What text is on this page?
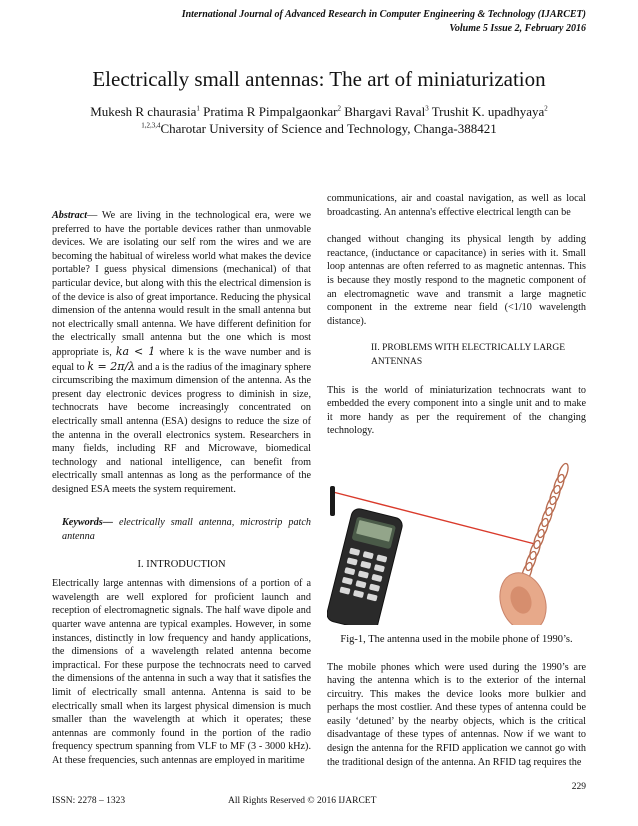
International Journal of Advanced Research in Computer Engineering & Technology (IJARCET)
Volume 5 Issue 2, February 2016
Electrically small antennas: The art of miniaturization
Mukesh R chaurasia$^1$ Pratima R Pimpalgaonkar$^2$ Bhargavi Raval$^3$ Trushit K. upadhyaya$^2$
$^{1,2,3,4}$Charotar University of Science and Technology, Changa-388421

Abstract— We are living in the technological era, were we preferred to have the portable devices rather than unmovable devices. We are isolating our self rom the wires and we are becoming the habitual of wireless world what makes the device portable? I guess physical dimensions (mechanical) of that particular device, but along with this the electrical dimension is of the device is also of great importance. Reducing the physical dimension of the antenna would result in the small antenna but not electrically small antenna. We have different definition for the electrically small antenna but the one which is most appropriate is, ka < 1 where k is the wave number and is equal to k = 2π/λ and a is the radius of the imaginary sphere circumscribing the maximum dimension of the antenna. As the present day electronic devices progress to diminish in size, technocrats have become increasingly concentrated on electrically small antenna (ESA) designs to reduce the size of the antenna in the overall electronics system. Researchers in many fields, including RF and Microwave, biomedical technology and national intelligence, can benefit from electrically small antennas as long as the performance of the designed ESA meets the system requirement.

Keywords— electrically small antenna, microstrip patch antenna

I. INTRODUCTION

Electrically large antennas with dimensions of a portion of a wavelength are well explored for proficient launch and reception of electromagnetic signals. The half wave dipole and quarter wave antenna are typical examples. However, in some instances, distinctly in low frequency and handy applications, the dimensions of a wavelength related antenna become impractical. For these purpose the technocrats need to carved the dimensions of the antenna in such a way that it satisfies the limit of electrically small antenna. Antenna is said to be electrically small when its largest physical dimension is much smaller than the wavelength at which it operates; these antennas are commonly found in the portion of the radio frequency spectrum spanning from VLF to MF (3 - 3000 kHz). At these frequencies, such antennas are employed in maritime

communications, air and coastal navigation, as well as local broadcasting. An antenna's effective electrical length can be

changed without changing its physical length by adding reactance, (inductance or capacitance) in series with it. Small loop antennas are often referred to as magnetic antennas. This is because they mostly respond to the magnetic component of an electromagnetic wave and transmit a large magnetic component in the extreme near field (<1/10 wavelength distance).

II. PROBLEMS WITH ELECTRICALLY LARGE ANTENNAS

This is the world of miniaturization technocrats want to embedded the every component into a single unit and to make it more handy as per the requirement of the changing technology.

Fig-1, The antenna used in the mobile phone of 1990’s.

The mobile phones which were used during the 1990’s are having the antenna which is to the exterior of the internal circuitry. This makes the device looks more bulkier and perhaps the most costlier. And these types of antenna could be easily ‘detuned’ by the nearby objects, which is the critical disadvantage of these types of antennas. Now if we want to design the antenna for the RFID application we cannot go with the traditional design of the antenna. An RFID tag requires the

229
ISSN: 2278 – 1323	All Rights Reserved © 2016 IJARCET
